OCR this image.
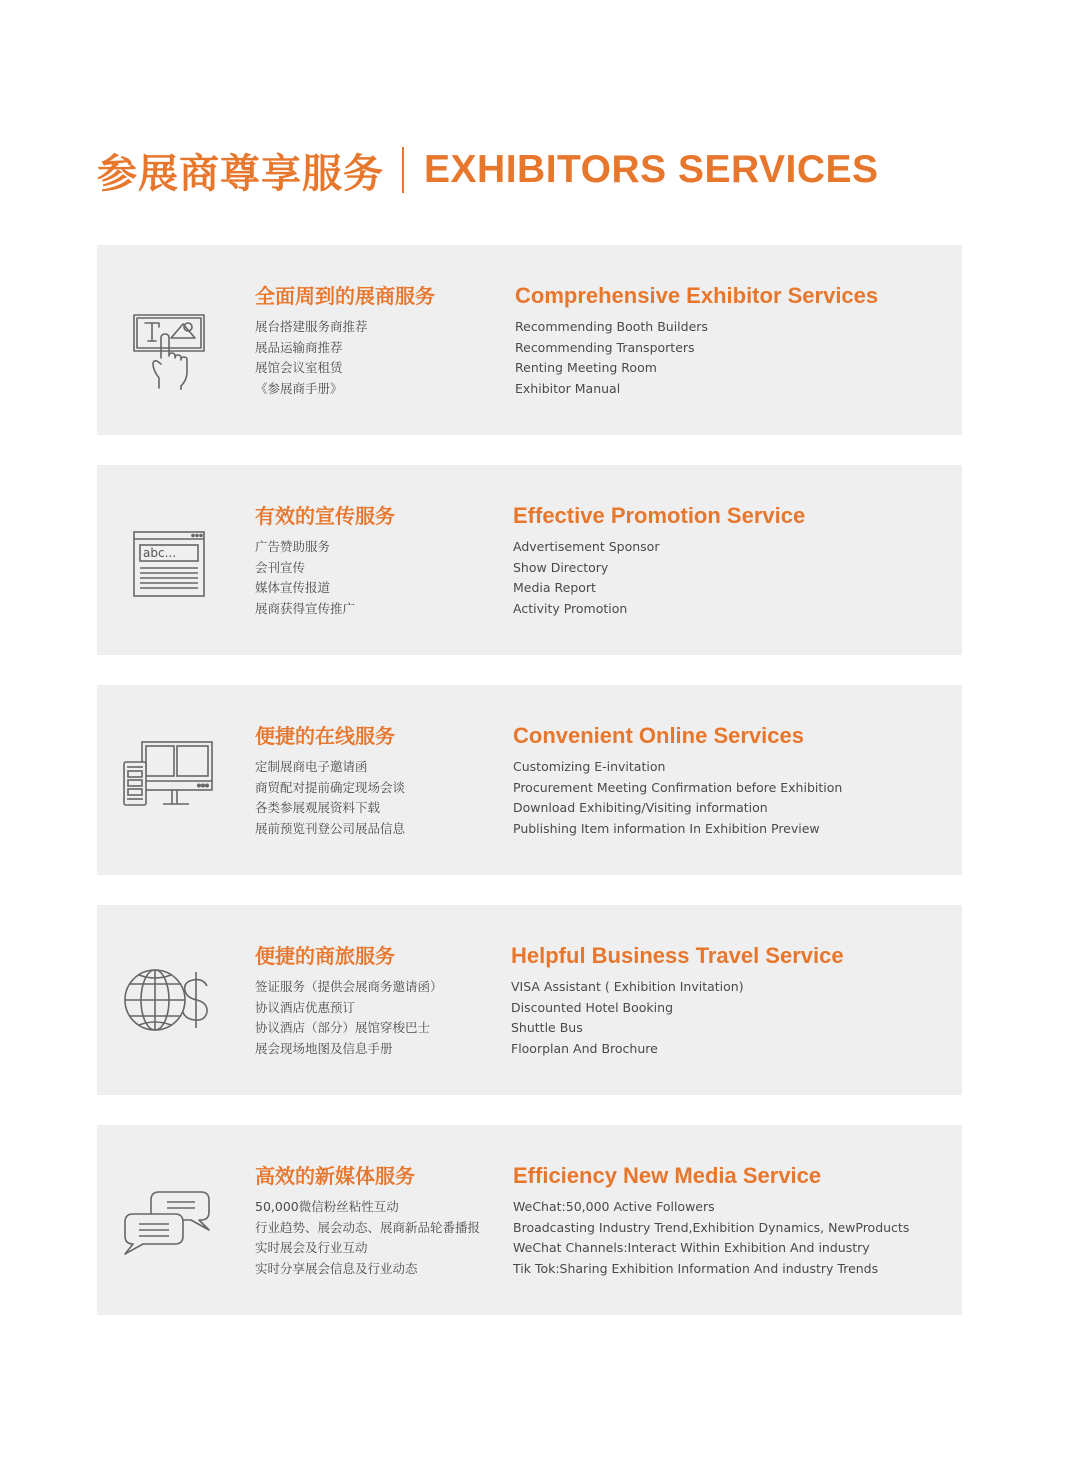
参展商尊享服务 EXHIBITORS SERVICES
全面周到的展商服务
展台搭建服务商推荐
展品运输商推荐
展馆会议室租赁
《参展商手册》
Comprehensive Exhibitor Services
Recommending Booth Builders
Recommending Transporters
Renting Meeting Room
Exhibitor Manual
abc...
有效的宣传服务
广告赞助服务
会刊宣传
媒体宣传报道
展商获得宣传推广
Effective Promotion Service
Advertisement Sponsor
Show Directory
Media Report
Activity Promotion
便捷的在线服务
定制展商电子邀请函
商贸配对提前确定现场会谈
各类参展观展资料下载
展前预览刊登公司展品信息
Convenient Online Services
Customizing E-invitation
Procurement Meeting Confirmation before Exhibition
Download Exhibiting/Visiting information
Publishing Item information In Exhibition Preview
便捷的商旅服务
签证服务（提供会展商务邀请函）
协议酒店优惠预订
协议酒店（部分）展馆穿梭巴士
展会现场地图及信息手册
Helpful Business Travel Service
VISA Assistant ( Exhibition Invitation)
Discounted Hotel Booking
Shuttle Bus
Floorplan And Brochure
高效的新媒体服务
50,000微信粉丝粘性互动
行业趋势、展会动态、展商新品轮番播报
实时展会及行业互动
实时分享展会信息及行业动态
Efficiency New Media Service
WeChat:50,000 Active Followers
Broadcasting Industry Trend,Exhibition Dynamics, NewProducts
WeChat Channels:Interact Within Exhibition And industry
Tik Tok:Sharing Exhibition Information And industry Trends
